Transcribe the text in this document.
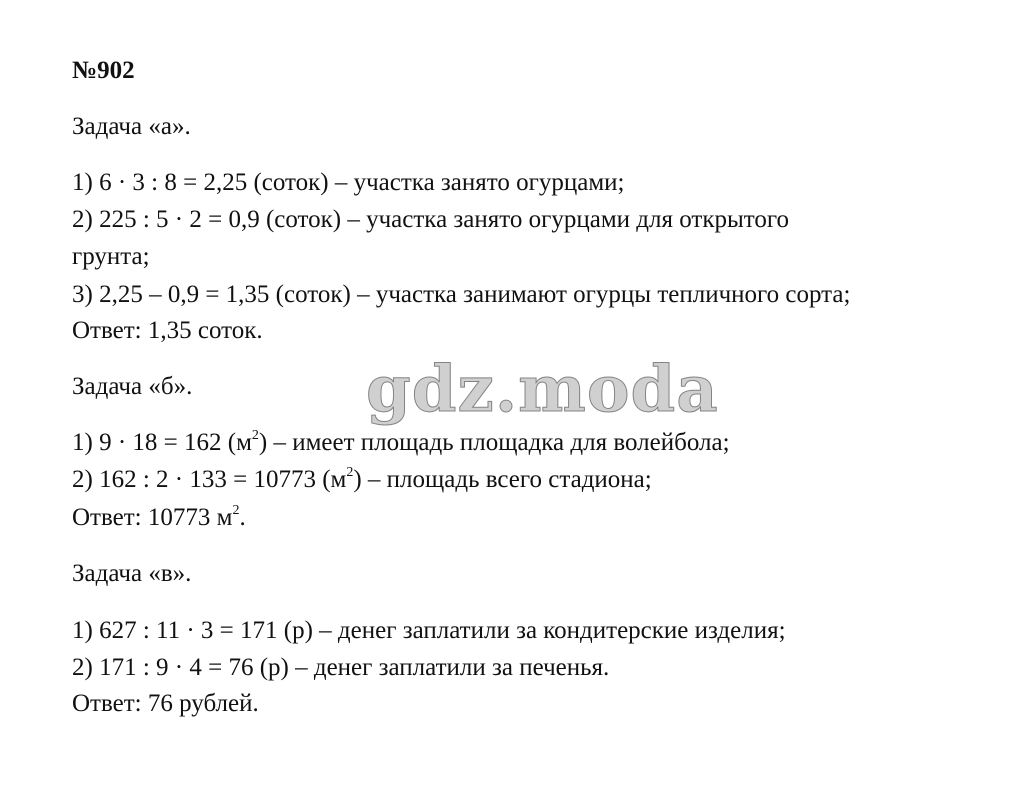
№902
Задача «а».
1) 6 · 3 : 8 = 2,25 (соток) – участка занято огурцами;
2) 225 : 5 · 2 = 0,9 (соток) – участка занято огурцами для открытого
грунта;
3) 2,25 – 0,9 = 1,35 (соток) – участка занимают огурцы тепличного сорта;
Ответ: 1,35 соток.
Задача «б».
1) 9 · 18 = 162 $(м^2)$ – имеет площадь площадка для волейбола;
2) 162 : 2 · 133 = 10773 $(м^2)$ – площадь всего стадиона;
Ответ: 10773 $м^2$.
Задача «в».
1) 627 : 11 · 3 = 171 (р) – денег заплатили за кондитерские изделия;
2) 171 : 9 · 4 = 76 (р) – денег заплатили за печенья.
Ответ: 76 рублей.
gdz.moda
